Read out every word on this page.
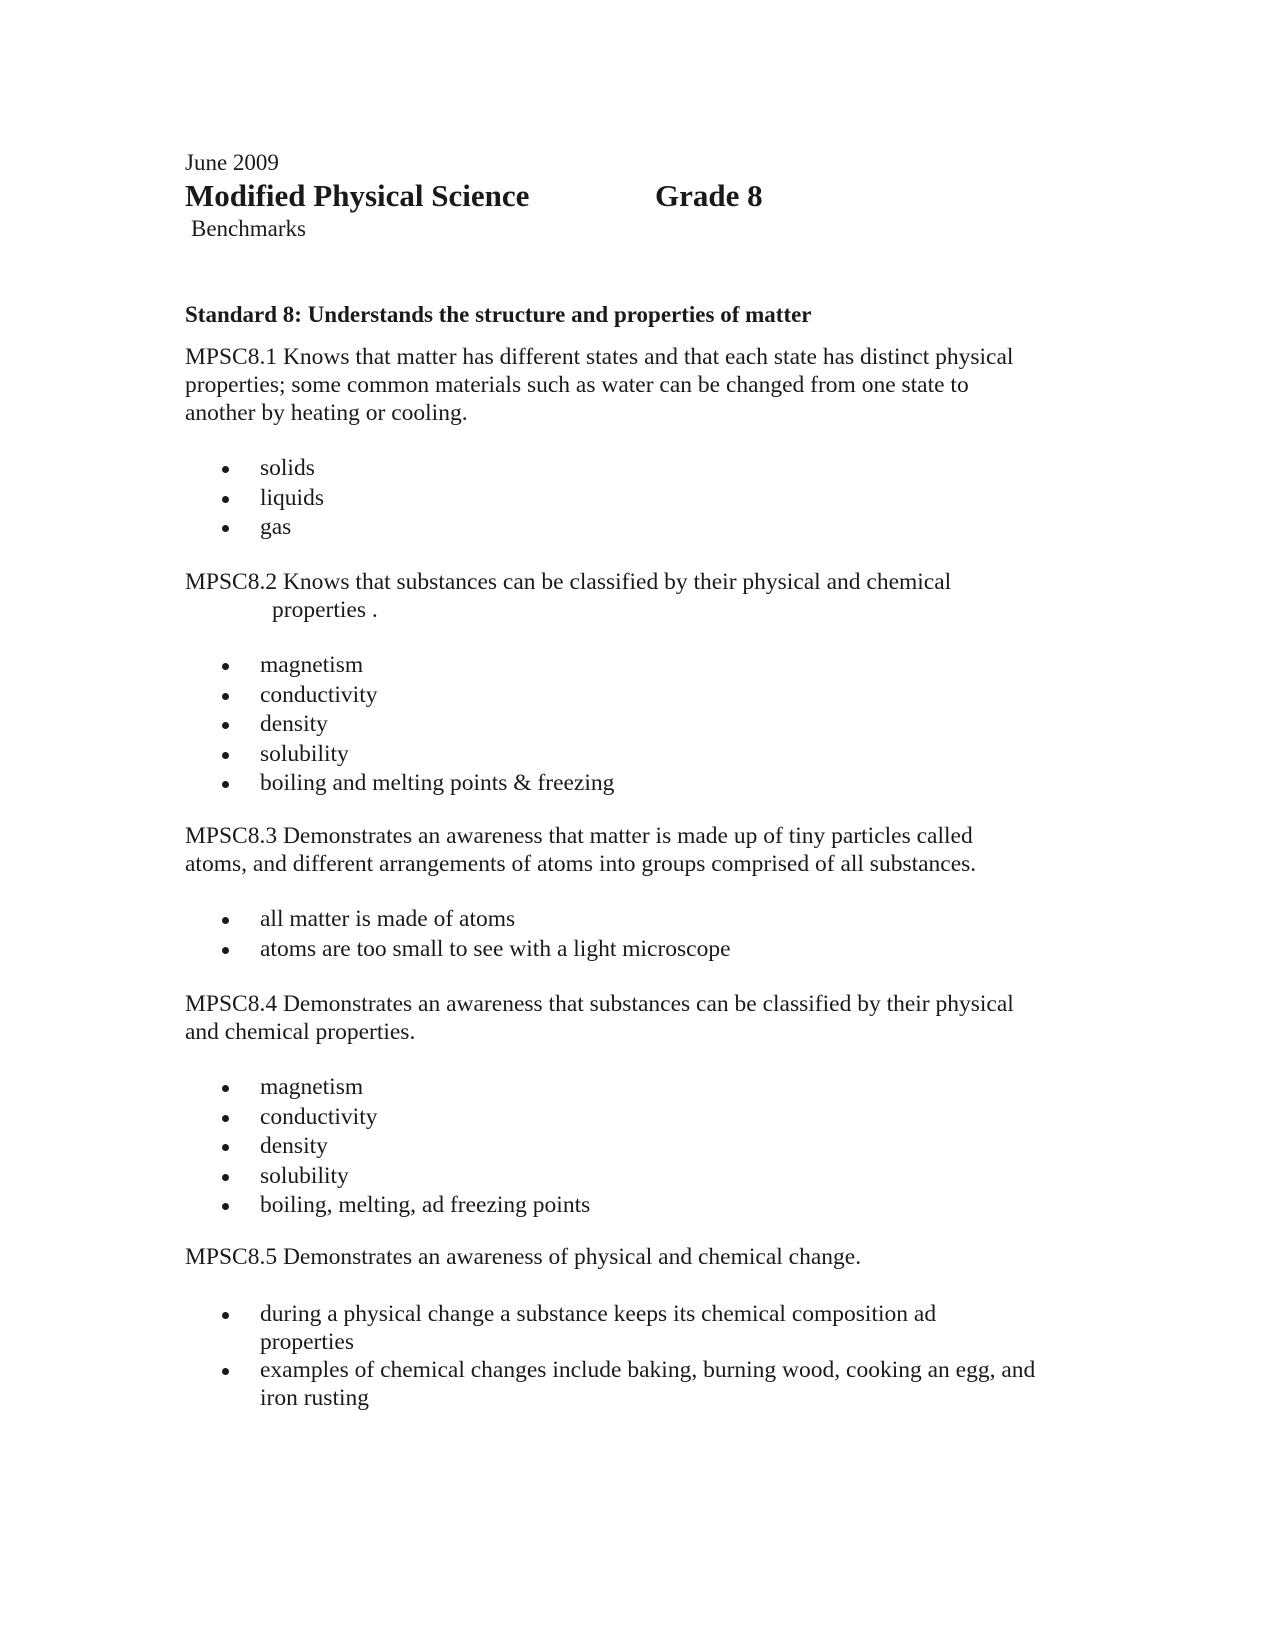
June 2009
Modified Physical Science	Grade 8
Benchmarks
Standard 8: Understands the structure and properties of matter
MPSC8.1 Knows that matter has different states and that each state has distinct physical
properties; some common materials such as water can be changed from one state to
another by heating or cooling.
solids
liquids
gas
MPSC8.2 Knows that substances can be classified by their physical and chemical
properties .
magnetism
conductivity
density
solubility
boiling and melting points & freezing
MPSC8.3 Demonstrates an awareness that matter is made up of tiny particles called
atoms, and different arrangements of atoms into groups comprised of all substances.
all matter is made of atoms
atoms are too small to see with a light microscope
MPSC8.4 Demonstrates an awareness that substances can be classified by their physical
and chemical properties.
magnetism
conductivity
density
solubility
boiling, melting, ad freezing points
MPSC8.5 Demonstrates an awareness of physical and chemical change.
during a physical change a substance keeps its chemical composition ad
properties
examples of chemical changes include baking, burning wood, cooking an egg, and
iron rusting
